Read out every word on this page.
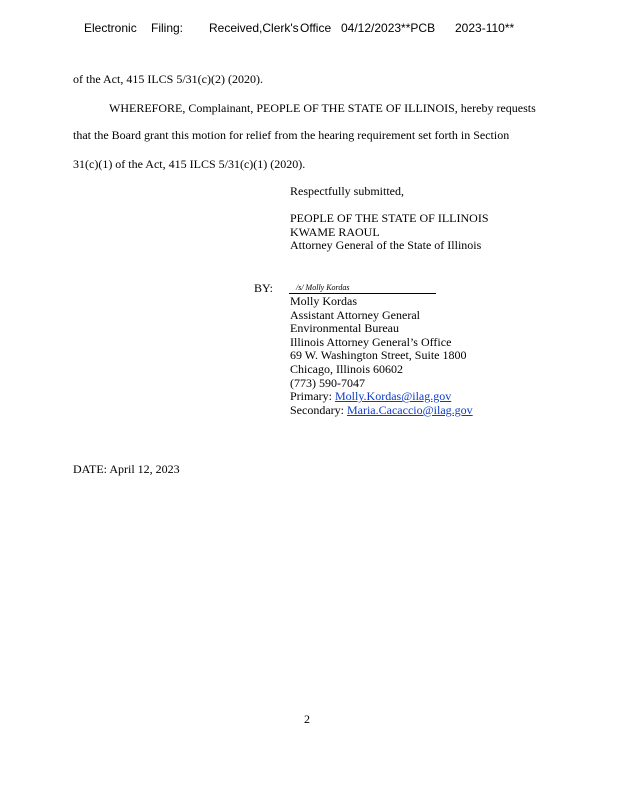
Electronic Filing: Received,Clerk's Office 04/12/2023**PCB 2023-110**
of the Act, 415 ILCS 5/31(c)(2) (2020).
WHEREFORE, Complainant, PEOPLE OF THE STATE OF ILLINOIS, hereby requests
that the Board grant this motion for relief from the hearing requirement set forth in Section
31(c)(1) of the Act, 415 ILCS 5/31(c)(1) (2020).
Respectfully submitted,
PEOPLE OF THE STATE OF ILLINOIS
KWAME RAOUL
Attorney General of the State of Illinois
BY:	/s/ Molly Kordas
Molly Kordas
Assistant Attorney General
Environmental Bureau
Illinois Attorney General’s Office
69 W. Washington Street, Suite 1800
Chicago, Illinois 60602
(773) 590-7047
Primary: Molly.Kordas@ilag.gov
Secondary: Maria.Cacaccio@ilag.gov
DATE: April 12, 2023
2
